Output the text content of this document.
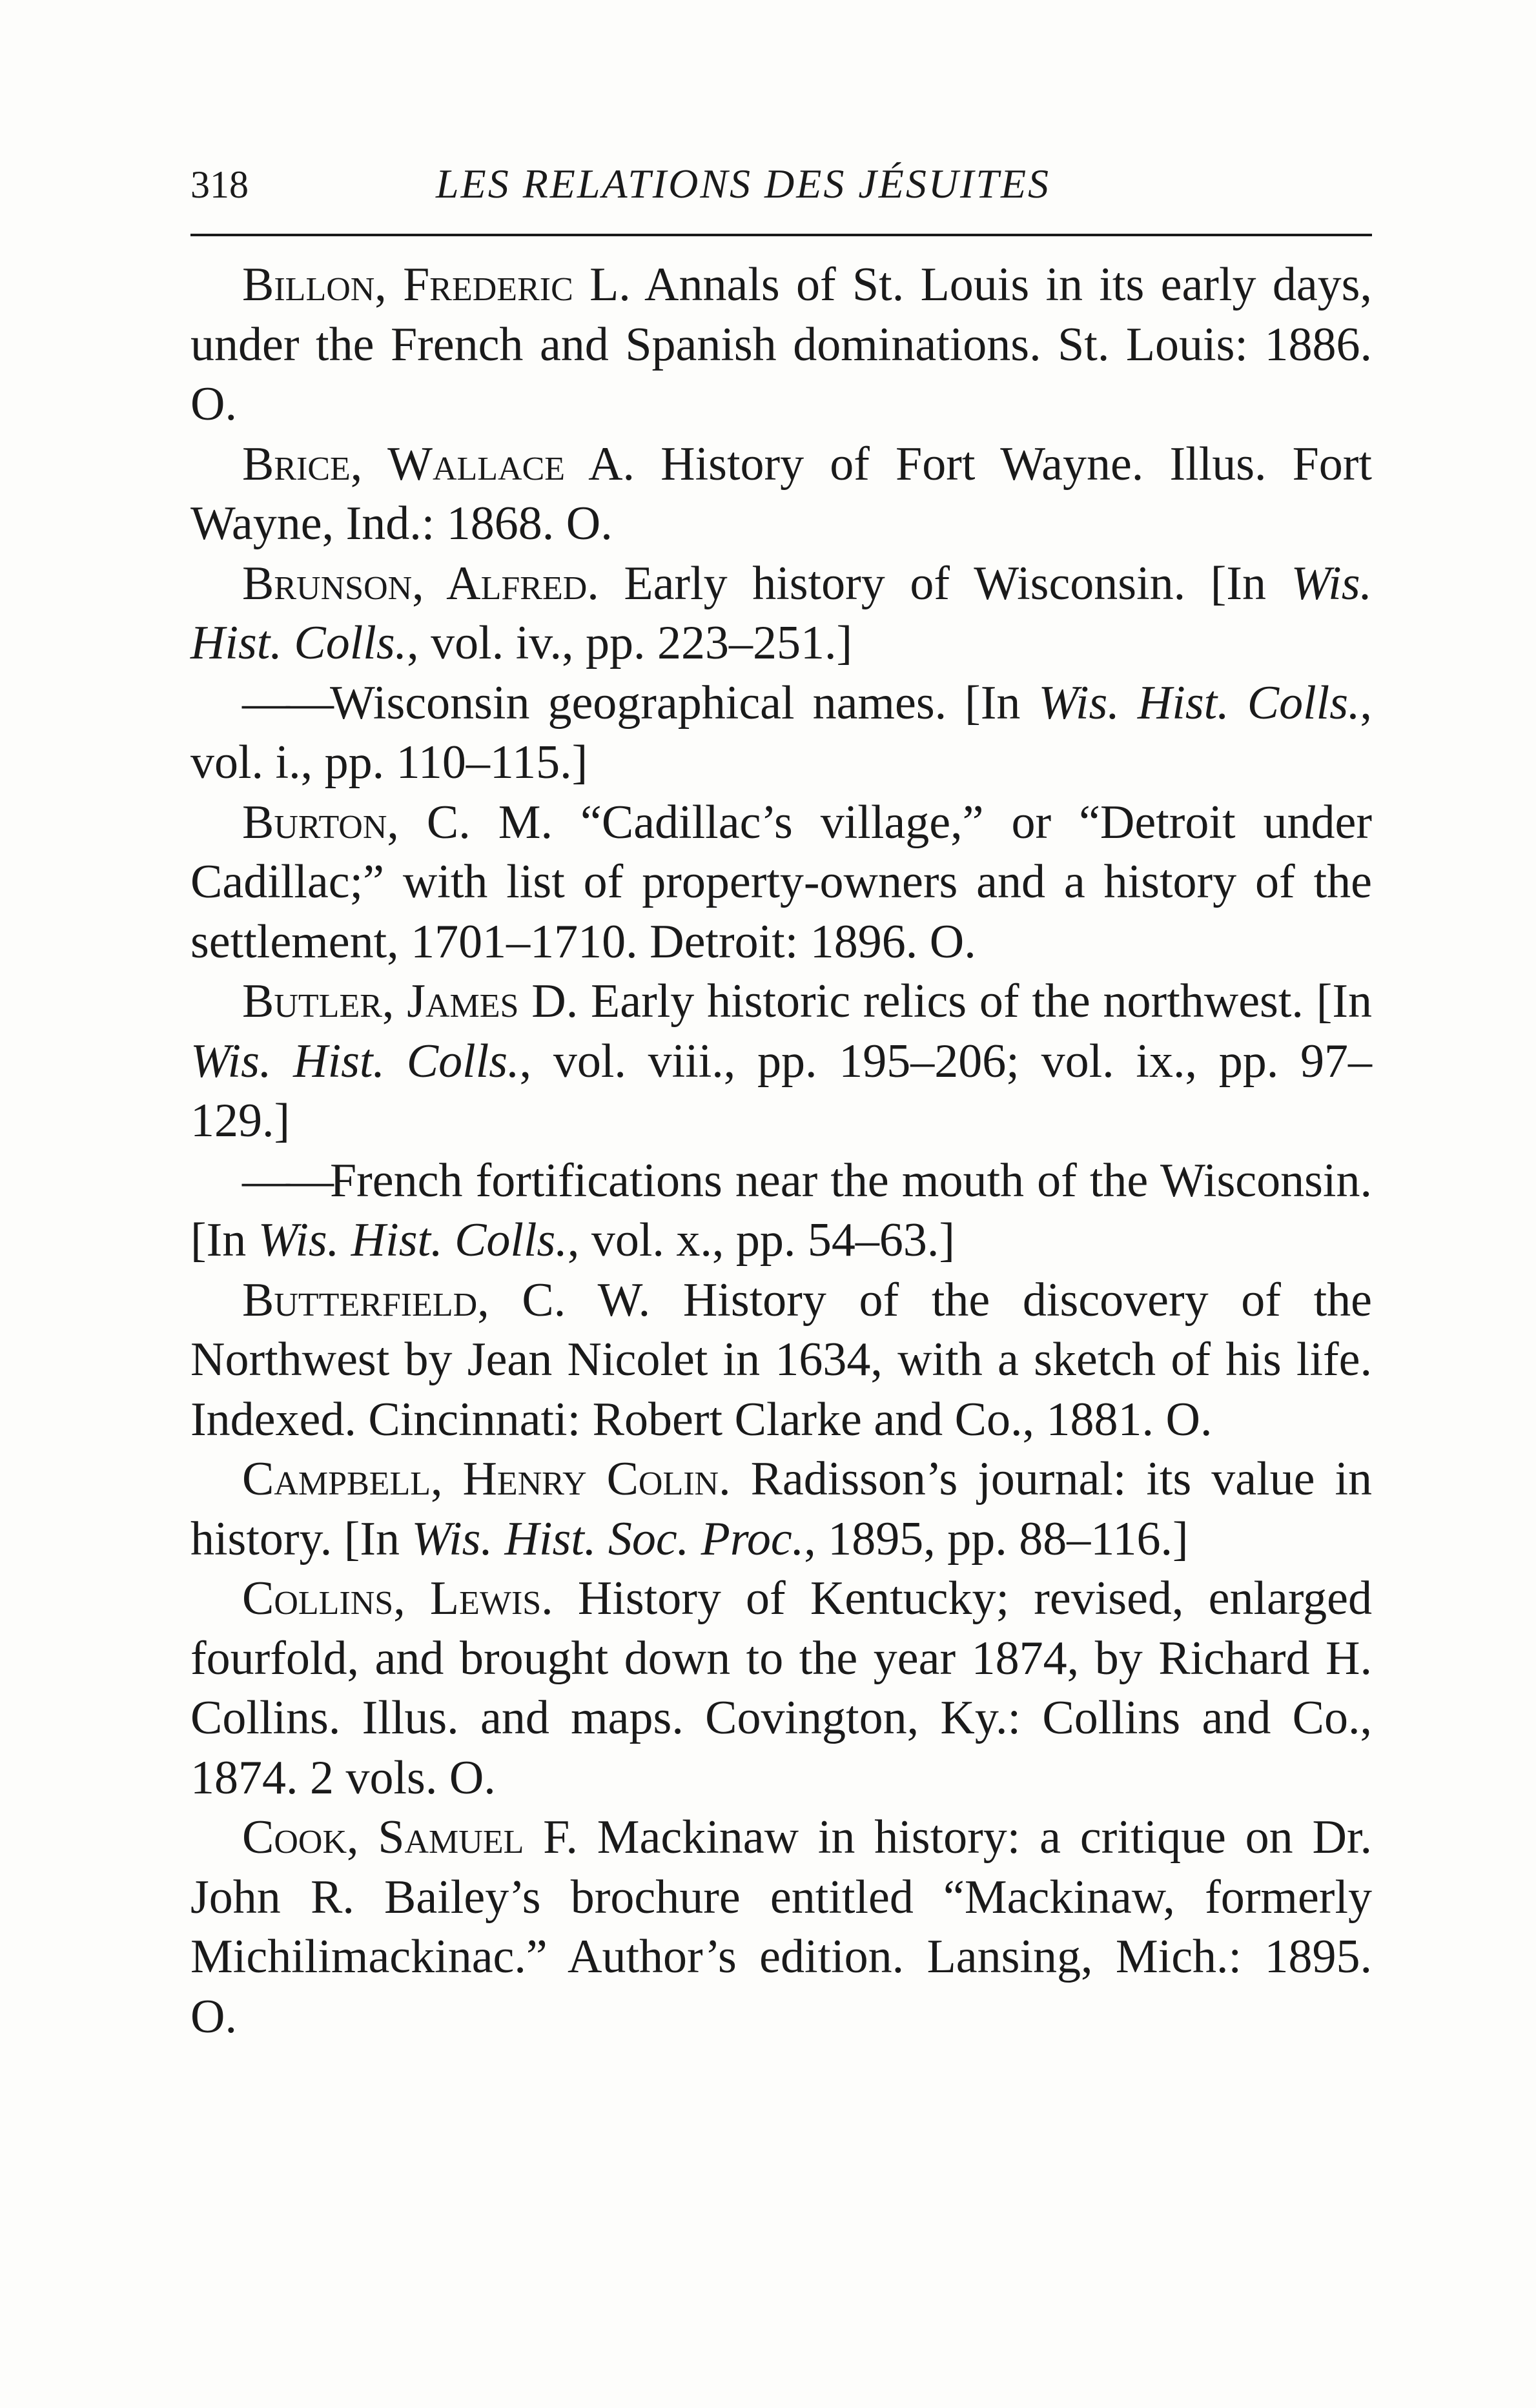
318	LES RELATIONS DES JÉSUITES

Billon, Frederic L. Annals of St. Louis in its early days, under the French and Spanish dominations. St. Louis: 1886. O.

Brice, Wallace A. History of Fort Wayne. Illus. Fort Wayne, Ind.: 1868. O.

Brunson, Alfred. Early history of Wisconsin. [In Wis. Hist. Colls., vol. iv., pp. 223–251.]

——Wisconsin geographical names. [In Wis. Hist. Colls., vol. i., pp. 110–115.]

Burton, C. M. “Cadillac’s village,” or “Detroit under Cadillac;” with list of property-owners and a history of the settlement, 1701–1710. Detroit: 1896. O.

Butler, James D. Early historic relics of the northwest. [In Wis. Hist. Colls., vol. viii., pp. 195–206; vol. ix., pp. 97–129.]

——French fortifications near the mouth of the Wisconsin. [In Wis. Hist. Colls., vol. x., pp. 54–63.]

Butterfield, C. W. History of the discovery of the Northwest by Jean Nicolet in 1634, with a sketch of his life. Indexed. Cincinnati: Robert Clarke and Co., 1881. O.

Campbell, Henry Colin. Radisson’s journal: its value in history. [In Wis. Hist. Soc. Proc., 1895, pp. 88–116.]

Collins, Lewis. History of Kentucky; revised, enlarged fourfold, and brought down to the year 1874, by Richard H. Collins. Illus. and maps. Covington, Ky.: Collins and Co., 1874. 2 vols. O.

Cook, Samuel F. Mackinaw in history: a critique on Dr. John R. Bailey’s brochure entitled “Mackinaw, formerly Michilimackinac.” Author’s edition. Lansing, Mich.: 1895. O.
